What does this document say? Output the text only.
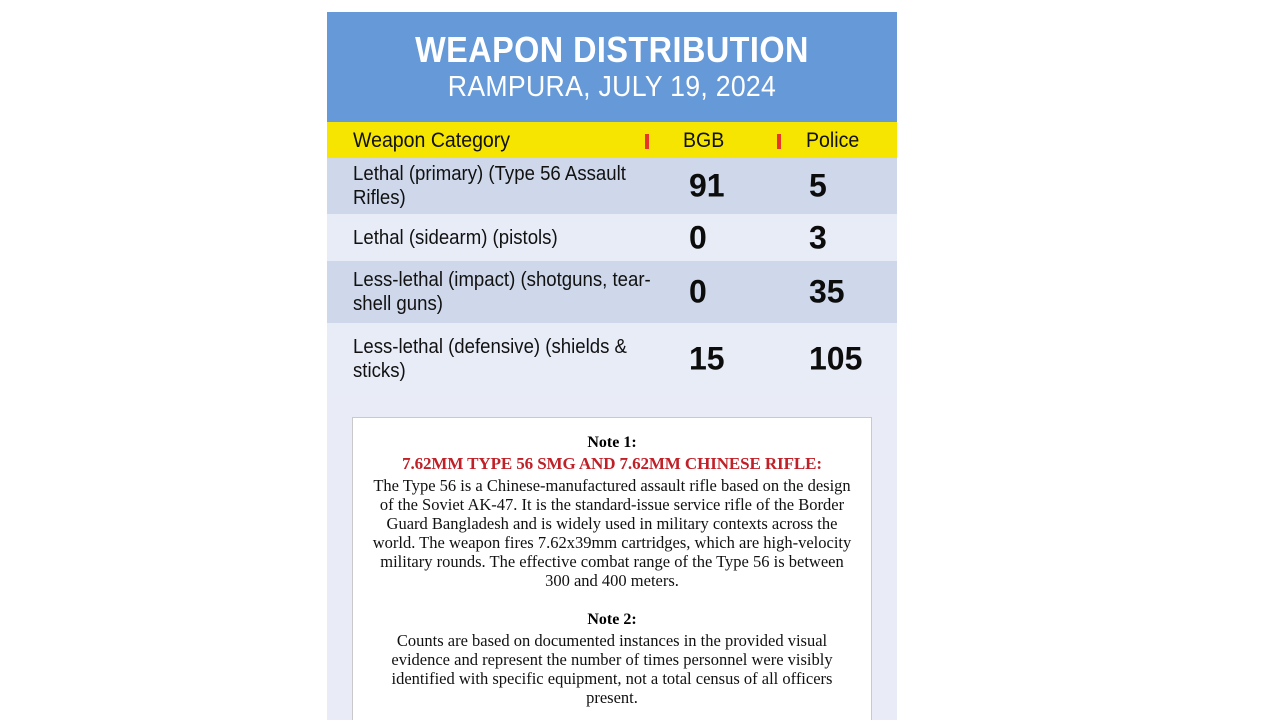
WEAPON DISTRIBUTION
RAMPURA, JULY 19, 2024
Weapon Category	BGB	Police
Lethal (primary) (Type 56 Assault Rifles)	91	5
Lethal (sidearm) (pistols)	0	3
Less-lethal (impact) (shotguns, tear-shell guns)	0	35
Less-lethal (defensive) (shields & sticks)	15	105
Note 1:
7.62MM TYPE 56 SMG AND 7.62MM CHINESE RIFLE:
The Type 56 is a Chinese-manufactured assault rifle based on the design of the Soviet AK-47. It is the standard-issue service rifle of the Border Guard Bangladesh and is widely used in military contexts across the world. The weapon fires 7.62x39mm cartridges, which are high-velocity military rounds. The effective combat range of the Type 56 is between 300 and 400 meters.
Note 2:
Counts are based on documented instances in the provided visual evidence and represent the number of times personnel were visibly identified with specific equipment, not a total census of all officers present.
